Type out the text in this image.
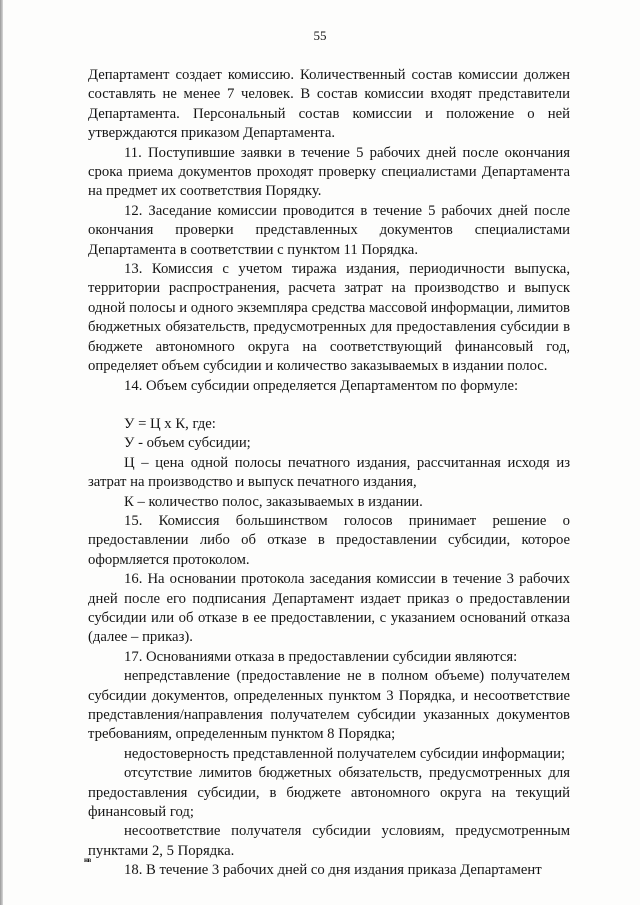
55

Департамент создает комиссию. Количественный состав комиссии должен составлять не менее 7 человек. В состав комиссии входят представители Департамента. Персональный состав комиссии и положение о ней утверждаются приказом Департамента.

11. Поступившие заявки в течение 5 рабочих дней после окончания срока приема документов проходят проверку специалистами Департамента на предмет их соответствия Порядку.

12. Заседание комиссии проводится в течение 5 рабочих дней после окончания проверки представленных документов специалистами Департамента в соответствии с пунктом 11 Порядка.

13. Комиссия с учетом тиража издания, периодичности выпуска, территории распространения, расчета затрат на производство и выпуск одной полосы и одного экземпляра средства массовой информации, лимитов бюджетных обязательств, предусмотренных для предоставления субсидии в бюджете автономного округа на соответствующий финансовый год, определяет объем субсидии и количество заказываемых в издании полос.

14. Объем субсидии определяется Департаментом по формуле:

У = Ц х К, где:

У - объем субсидии;

Ц – цена одной полосы печатного издания, рассчитанная исходя из затрат на производство и выпуск печатного издания,

К – количество полос, заказываемых в издании.

15. Комиссия большинством голосов принимает решение о предоставлении либо об отказе в предоставлении субсидии, которое оформляется протоколом.

16. На основании протокола заседания комиссии в течение 3 рабочих дней после его подписания Департамент издает приказ о предоставлении субсидии или об отказе в ее предоставлении, с указанием оснований отказа (далее – приказ).

17. Основаниями отказа в предоставлении субсидии являются:

непредставление (предоставление не в полном объеме) получателем субсидии документов, определенных пунктом 3 Порядка, и несоответствие представления/направления получателем субсидии указанных документов требованиям, определенным пунктом 8 Порядка;

недостоверность представленной получателем субсидии информации;

отсутствие лимитов бюджетных обязательств, предусмотренных для предоставления субсидии, в бюджете автономного округа на текущий финансовый год;

несоответствие получателя субсидии условиям, предусмотренным пунктами 2, 5 Порядка.

18. В течение 3 рабочих дней со дня издания приказа Департамент

нв
